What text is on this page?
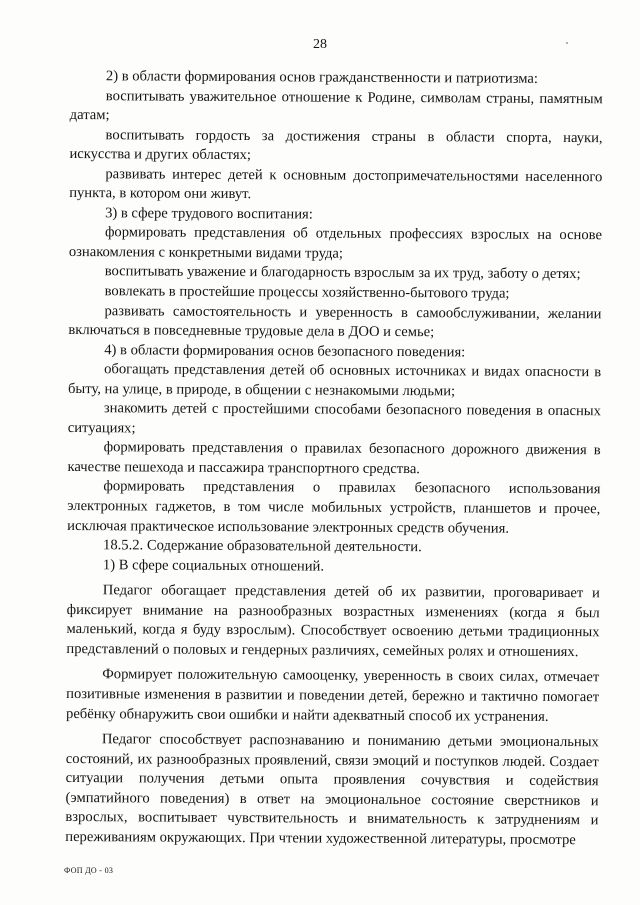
28

2) в области формирования основ гражданственности и патриотизма:

воспитывать уважительное отношение к Родине, символам страны, памятным датам;

воспитывать гордость за достижения страны в области спорта, науки, искусства и других областях;

развивать интерес детей к основным достопримечательностями населенного пункта, в котором они живут.

3) в сфере трудового воспитания:

формировать представления об отдельных профессиях взрослых на основе ознакомления с конкретными видами труда;

воспитывать уважение и благодарность взрослым за их труд, заботу о детях;

вовлекать в простейшие процессы хозяйственно-бытового труда;

развивать самостоятельность и уверенность в самообслуживании, желании включаться в повседневные трудовые дела в ДОО и семье;

4) в области формирования основ безопасного поведения:

обогащать представления детей об основных источниках и видах опасности в быту, на улице, в природе, в общении с незнакомыми людьми;

знакомить детей с простейшими способами безопасного поведения в опасных ситуациях;

формировать представления о правилах безопасного дорожного движения в качестве пешехода и пассажира транспортного средства.

формировать представления о правилах безопасного использования электронных гаджетов, в том числе мобильных устройств, планшетов и прочее, исключая практическое использование электронных средств обучения.

18.5.2. Содержание образовательной деятельности.

1) В сфере социальных отношений.

Педагог обогащает представления детей об их развитии, проговаривает и фиксирует внимание на разнообразных возрастных изменениях (когда я был маленький, когда я буду взрослым). Способствует освоению детьми традиционных представлений о половых и гендерных различиях, семейных ролях и отношениях.

Формирует положительную самооценку, уверенность в своих силах, отмечает позитивные изменения в развитии и поведении детей, бережно и тактично помогает ребёнку обнаружить свои ошибки и найти адекватный способ их устранения.

Педагог способствует распознаванию и пониманию детьми эмоциональных состояний, их разнообразных проявлений, связи эмоций и поступков людей. Создает ситуации получения детьми опыта проявления сочувствия и содействия (эмпатийного поведения) в ответ на эмоциональное состояние сверстников и взрослых, воспитывает чувствительность и внимательность к затруднениям и переживаниям окружающих. При чтении художественной литературы, просмотре

ФОП ДО - 03
